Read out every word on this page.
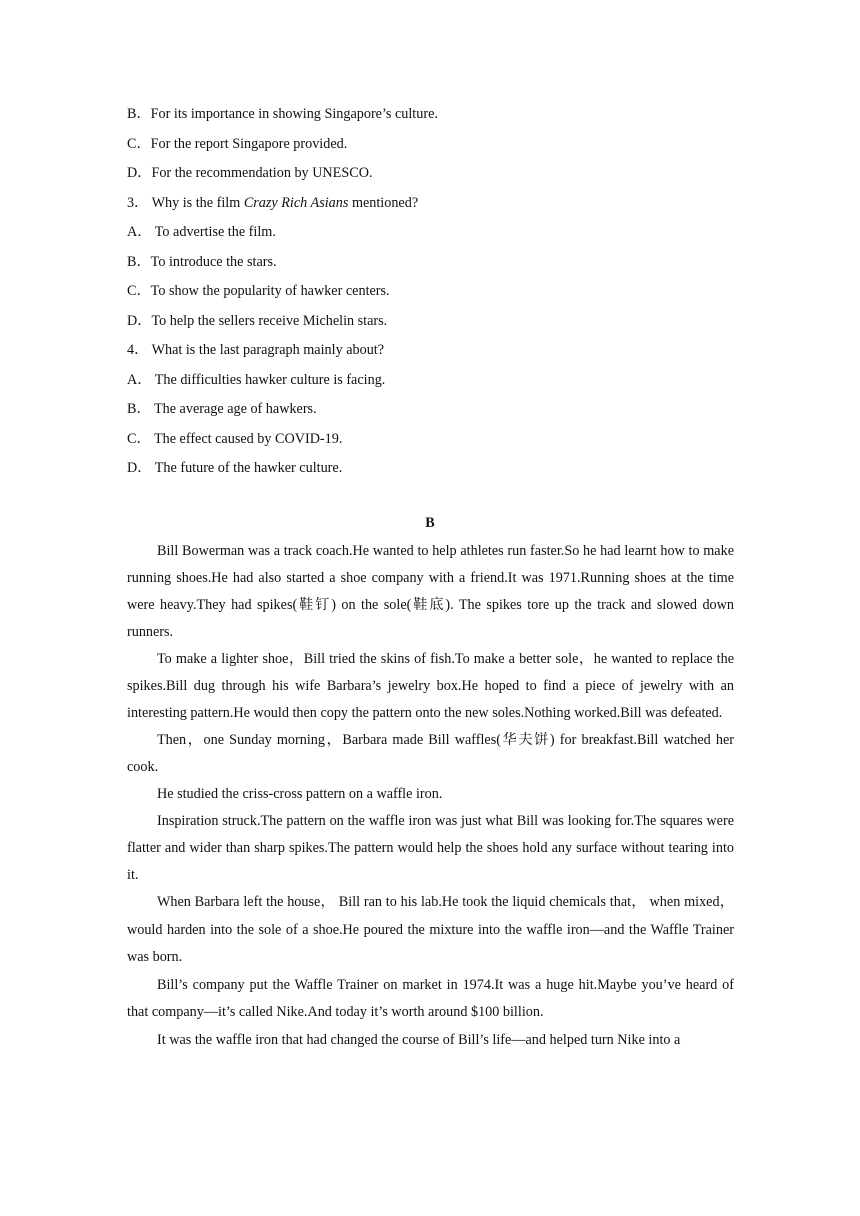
B．For its importance in showing Singapore’s culture.
C．For the report Singapore provided.
D．For the recommendation by UNESCO.
3． Why is the film Crazy Rich Asians mentioned?
A． To advertise the film.
B．To introduce the stars.
C．To show the popularity of hawker centers.
D．To help the sellers receive Michelin stars.
4． What is the last paragraph mainly about?
A． The difficulties hawker culture is facing.
B． The average age of hawkers.
C． The effect caused by COVID-19.
D． The future of the hawker culture.
B

Bill Bowerman was a track coach.He wanted to help athletes run faster.So he had learnt how to make running shoes.He had also started a shoe company with a friend.It was 1971.Running shoes at the time were heavy.They had spikes(鞋钉) on the sole(鞋底). The spikes tore up the track and slowed down runners.

To make a lighter shoe，Bill tried the skins of fish.To make a better sole，he wanted to replace the spikes.Bill dug through his wife Barbara’s jewelry box.He hoped to find a piece of jewelry with an interesting pattern.He would then copy the pattern onto the new soles.Nothing worked.Bill was defeated.

Then，one Sunday morning，Barbara made Bill waffles(华夫饼) for breakfast.Bill watched her cook.

He studied the criss-cross pattern on a waffle iron.

Inspiration struck.The pattern on the waffle iron was just what Bill was looking for.The squares were flatter and wider than sharp spikes.The pattern would help the shoes hold any surface without tearing into it.

When Barbara left the house， Bill ran to his lab.He took the liquid chemicals that， when mixed，would harden into the sole of a shoe.He poured the mixture into the waffle iron—and the Waffle Trainer was born.

Bill’s company put the Waffle Trainer on market in 1974.It was a huge hit.Maybe you’ve heard of that company—it’s called Nike.And today it’s worth around $100 billion.

It was the waffle iron that had changed the course of Bill’s life—and helped turn Nike into a
